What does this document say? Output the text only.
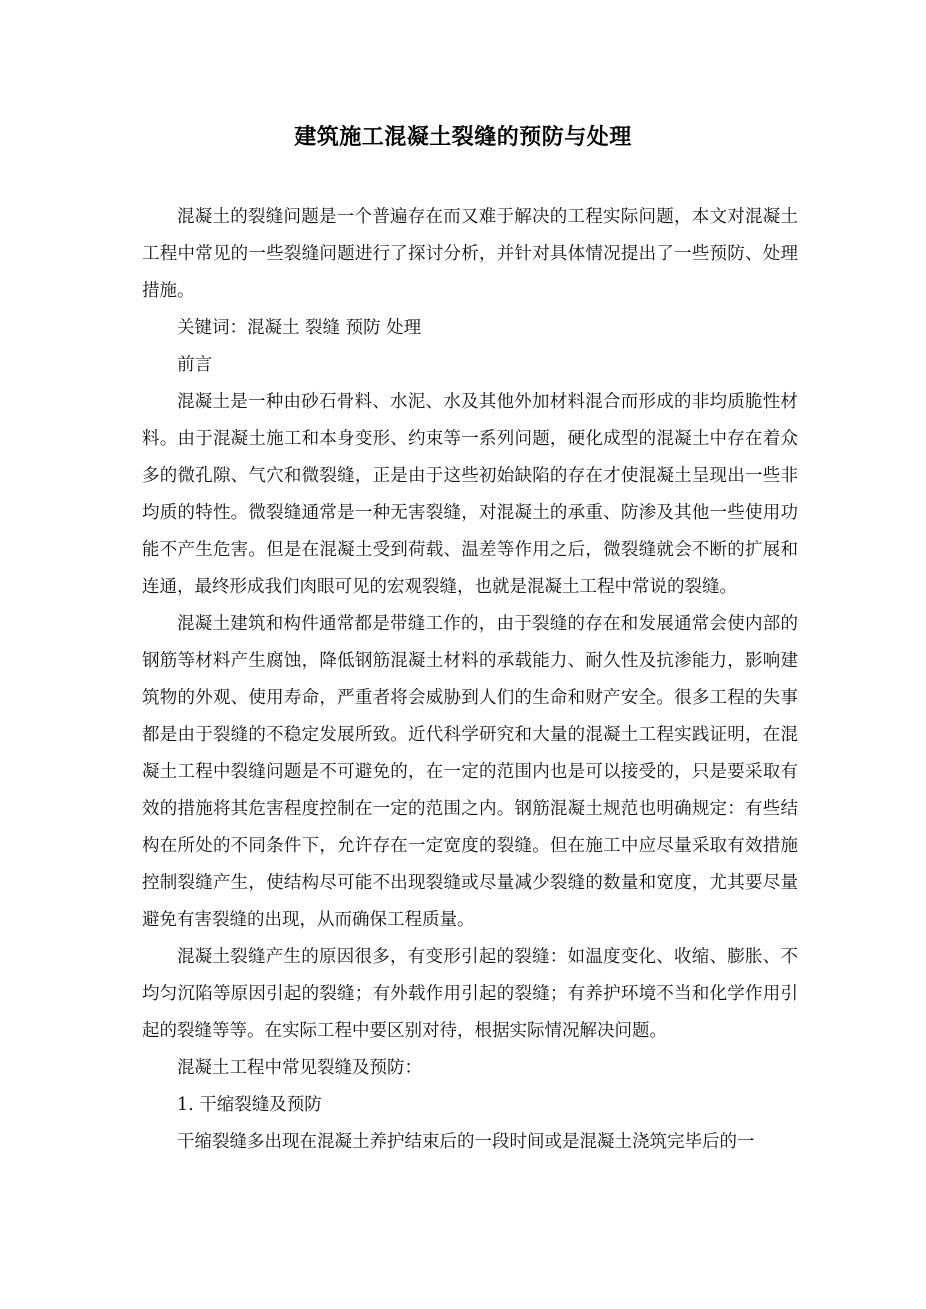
建筑施工混凝土裂缝的预防与处理

混凝土的裂缝问题是一个普遍存在而又难于解决的工程实际问题，本文对混凝土工程中常见的一些裂缝问题进行了探讨分析，并针对具体情况提出了一些预防、处理措施。

关键词：混凝土 裂缝 预防 处理

前言

混凝土是一种由砂石骨料、水泥、水及其他外加材料混合而形成的非均质脆性材料。由于混凝土施工和本身变形、约束等一系列问题，硬化成型的混凝土中存在着众多的微孔隙、气穴和微裂缝，正是由于这些初始缺陷的存在才使混凝土呈现出一些非均质的特性。微裂缝通常是一种无害裂缝，对混凝土的承重、防渗及其他一些使用功能不产生危害。但是在混凝土受到荷载、温差等作用之后，微裂缝就会不断的扩展和连通，最终形成我们肉眼可见的宏观裂缝，也就是混凝土工程中常说的裂缝。

混凝土建筑和构件通常都是带缝工作的，由于裂缝的存在和发展通常会使内部的钢筋等材料产生腐蚀，降低钢筋混凝土材料的承载能力、耐久性及抗渗能力，影响建筑物的外观、使用寿命，严重者将会威胁到人们的生命和财产安全。很多工程的失事都是由于裂缝的不稳定发展所致。近代科学研究和大量的混凝土工程实践证明，在混凝土工程中裂缝问题是不可避免的，在一定的范围内也是可以接受的，只是要采取有效的措施将其危害程度控制在一定的范围之内。钢筋混凝土规范也明确规定：有些结构在所处的不同条件下，允许存在一定宽度的裂缝。但在施工中应尽量采取有效措施控制裂缝产生，使结构尽可能不出现裂缝或尽量减少裂缝的数量和宽度，尤其要尽量避免有害裂缝的出现，从而确保工程质量。

混凝土裂缝产生的原因很多，有变形引起的裂缝：如温度变化、收缩、膨胀、不均匀沉陷等原因引起的裂缝；有外载作用引起的裂缝；有养护环境不当和化学作用引起的裂缝等等。在实际工程中要区别对待，根据实际情况解决问题。

混凝土工程中常见裂缝及预防：

1. 干缩裂缝及预防

干缩裂缝多出现在混凝土养护结束后的一段时间或是混凝土浇筑完毕后的一
